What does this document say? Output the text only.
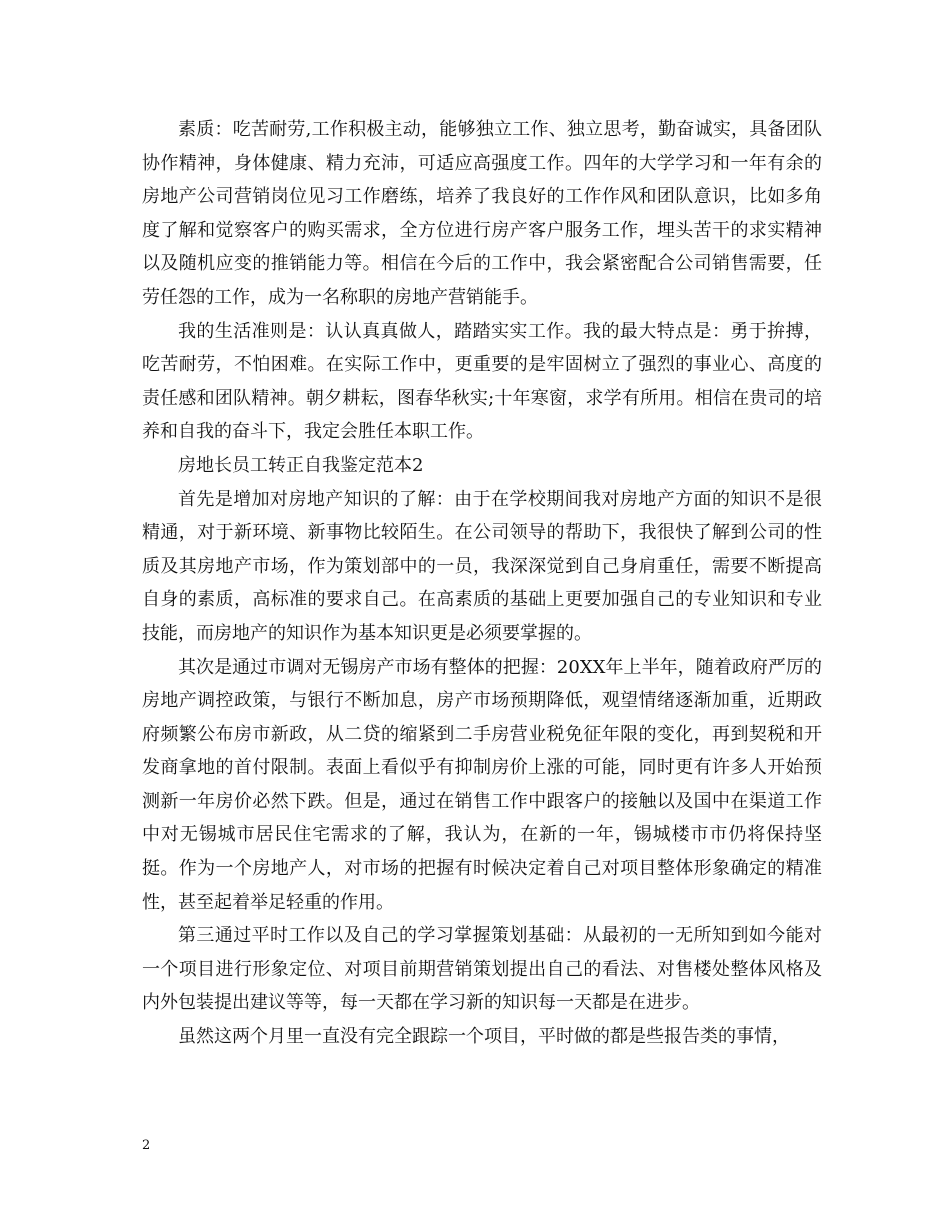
素质：吃苦耐劳,工作积极主动，能够独立工作、独立思考，勤奋诚实，具备团队协作精神，身体健康、精力充沛，可适应高强度工作。四年的大学学习和一年有余的房地产公司营销岗位见习工作磨练，培养了我良好的工作作风和团队意识，比如多角度了解和觉察客户的购买需求，全方位进行房产客户服务工作，埋头苦干的求实精神以及随机应变的推销能力等。相信在今后的工作中，我会紧密配合公司销售需要，任劳任怨的工作，成为一名称职的房地产营销能手。

我的生活准则是：认认真真做人，踏踏实实工作。我的最大特点是：勇于拚搏，吃苦耐劳，不怕困难。在实际工作中，更重要的是牢固树立了强烈的事业心、高度的责任感和团队精神。朝夕耕耘，图春华秋实;十年寒窗，求学有所用。相信在贵司的培养和自我的奋斗下，我定会胜任本职工作。

房地长员工转正自我鉴定范本2

首先是增加对房地产知识的了解：由于在学校期间我对房地产方面的知识不是很精通，对于新环境、新事物比较陌生。在公司领导的帮助下，我很快了解到公司的性质及其房地产市场，作为策划部中的一员，我深深觉到自己身肩重任，需要不断提高自身的素质，高标准的要求自己。在高素质的基础上更要加强自己的专业知识和专业技能，而房地产的知识作为基本知识更是必须要掌握的。

其次是通过市调对无锡房产市场有整体的把握：20XX年上半年，随着政府严厉的房地产调控政策，与银行不断加息，房产市场预期降低，观望情绪逐渐加重，近期政府频繁公布房市新政，从二贷的缩紧到二手房营业税免征年限的变化，再到契税和开发商拿地的首付限制。表面上看似乎有抑制房价上涨的可能，同时更有许多人开始预测新一年房价必然下跌。但是，通过在销售工作中跟客户的接触以及国中在渠道工作中对无锡城市居民住宅需求的了解，我认为，在新的一年，锡城楼市市仍将保持坚挺。作为一个房地产人，对市场的把握有时候决定着自己对项目整体形象确定的精准性，甚至起着举足轻重的作用。

第三通过平时工作以及自己的学习掌握策划基础：从最初的一无所知到如今能对一个项目进行形象定位、对项目前期营销策划提出自己的看法、对售楼处整体风格及内外包装提出建议等等，每一天都在学习新的知识每一天都是在进步。

虽然这两个月里一直没有完全跟踪一个项目，平时做的都是些报告类的事情，

2
